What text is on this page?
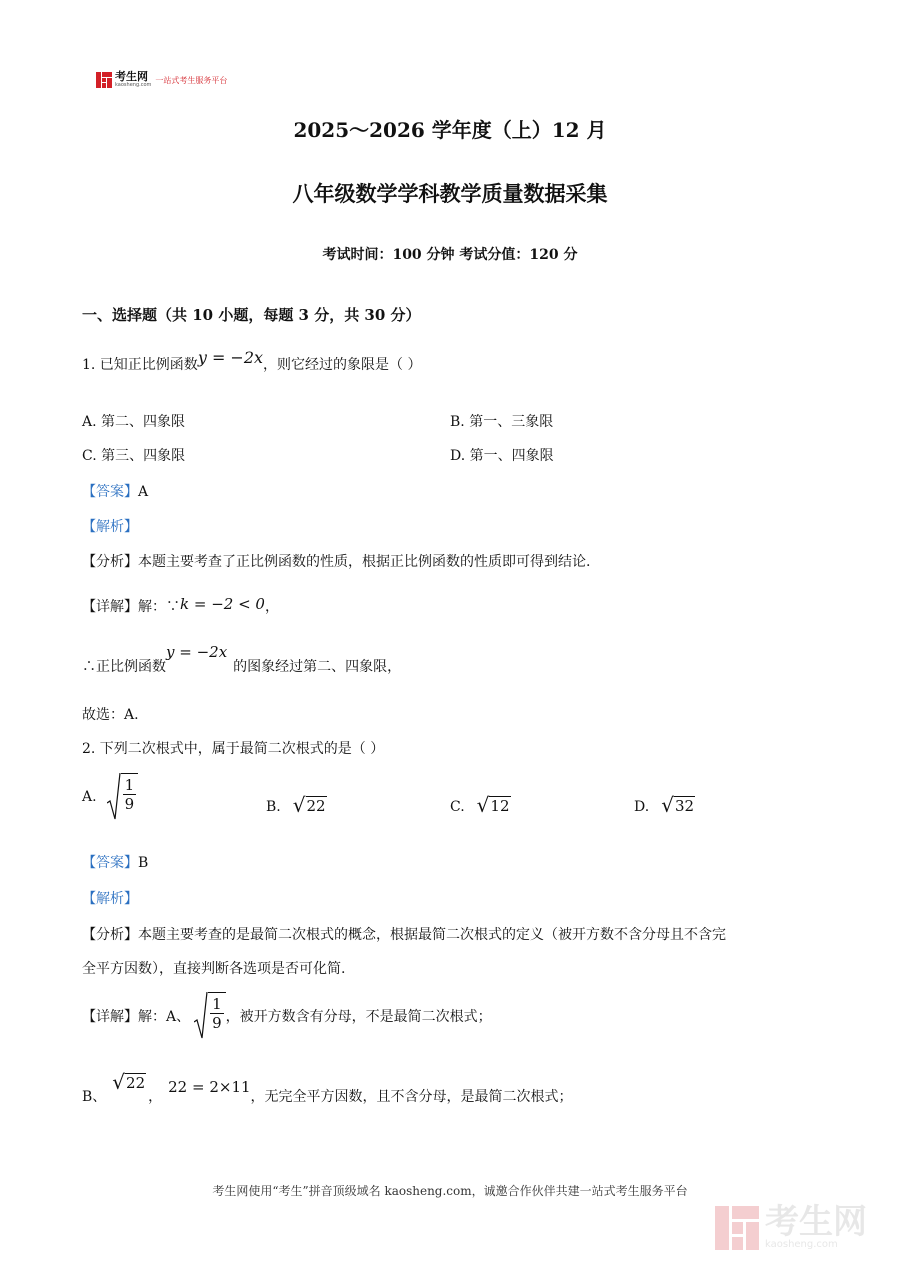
考生网
kaosheng.com
一站式考生服务平台
2025～2026 学年度（上）12 月
八年级数学学科教学质量数据采集
考试时间：100 分钟 考试分值：120 分
一、选择题（共 10 小题，每题 3 分，共 30 分）
1. 已知正比例函数y = −2x，则它经过的象限是（ ）
A. 第二、四象限	B. 第一、三象限
C. 第三、四象限	D. 第一、四象限
【答案】A
【解析】
【分析】本题主要考查了正比例函数的性质，根据正比例函数的性质即可得到结论.
【详解】解：∵k = −2 < 0，
∴正比例函数y = −2x的图象经过第二、四象限，
故选：A.
2. 下列二次根式中，属于最简二次根式的是（ ）
A. $\frac{1}{9}$	B. √ 22	C. √ 12	D. √ 32
【答案】B
【解析】
【分析】本题主要考查的是最简二次根式的概念，根据最简二次根式的定义（被开方数不含分母且不含完
全平方因数），直接判断各选项是否可化简.
【详解】 解：A、 $\frac{1}{9}$ ，被开方数含有分母，不是最简二次根式；
B、
√ 22
，
22 = 2×11
，无完全平方因数，且不含分母，是最简二次根式；
考生网使用“考生”拼音顶级域名 kaosheng.com，诚邀合作伙伴共建一站式考生服务平台
考生网
kaosheng.com
